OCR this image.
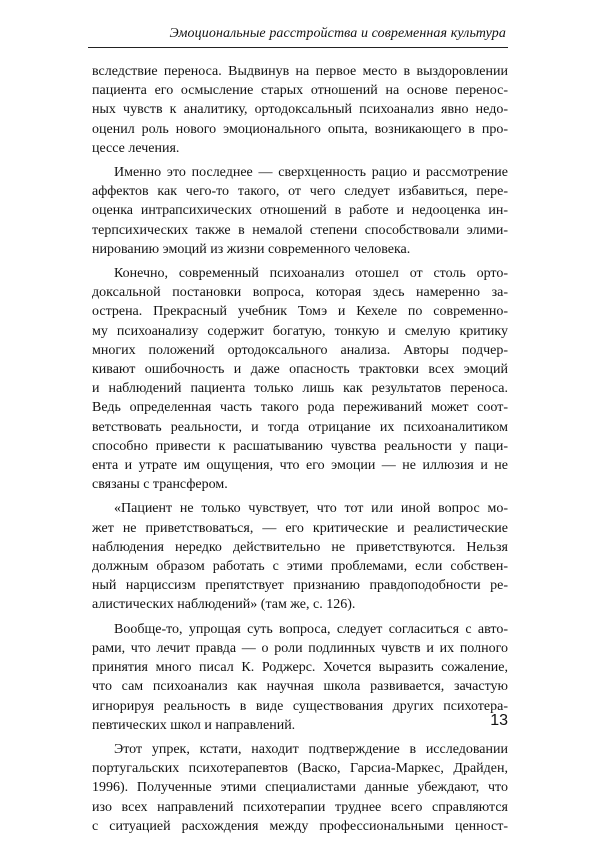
Эмоциональные расстройства и современная культура

вследствие переноса. Выдвинув на первое место в выздоровлении
пациента его осмысление старых отношений на основе перенос-
ных чувств к аналитику, ортодоксальный психоанализ явно недо-
оценил роль нового эмоционального опыта, возникающего в про-
цессе лечения.

Именно это последнее — сверхценность рацио и рассмотрение
аффектов как чего-то такого, от чего следует избавиться, пере-
оценка интрапсихических отношений в работе и недооценка ин-
терпсихических также в немалой степени способствовали элими-
нированию эмоций из жизни современного человека.

Конечно, современный психоанализ отошел от столь орто-
доксальной постановки вопроса, которая здесь намеренно за-
острена. Прекрасный учебник Томэ и Кехеле по современно-
му психоанализу содержит богатую, тонкую и смелую критику
многих положений ортодоксального анализа. Авторы подчер-
кивают ошибочность и даже опасность трактовки всех эмоций
и наблюдений пациента только лишь как результатов переноса.
Ведь определенная часть такого рода переживаний может соот-
ветствовать реальности, и тогда отрицание их психоаналитиком
способно привести к расшатыванию чувства реальности у паци-
ента и утрате им ощущения, что его эмоции — не иллюзия и не
связаны с трансфером.

«Пациент не только чувствует, что тот или иной вопрос мо-
жет не приветствоваться, — его критические и реалистические
наблюдения нередко действительно не приветствуются. Нельзя
должным образом работать с этими проблемами, если собствен-
ный нарциссизм препятствует признанию правдоподобности ре-
алистических наблюдений» (там же, с. 126).

Вообще-то, упрощая суть вопроса, следует согласиться с авто-
рами, что лечит правда — о роли подлинных чувств и их полного
принятия много писал К. Роджерс. Хочется выразить сожаление,
что сам психоанализ как научная школа развивается, зачастую
игнорируя реальность в виде существования других психотера-
певтических школ и направлений.

Этот упрек, кстати, находит подтверждение в исследовании
португальских психотерапевтов (Васко, Гарсиа-Маркес, Драйден,
1996). Полученные этими специалистами данные убеждают, что
изо всех направлений психотерапии труднее всего справляются
с ситуацией расхождения между профессиональными ценност-

13
